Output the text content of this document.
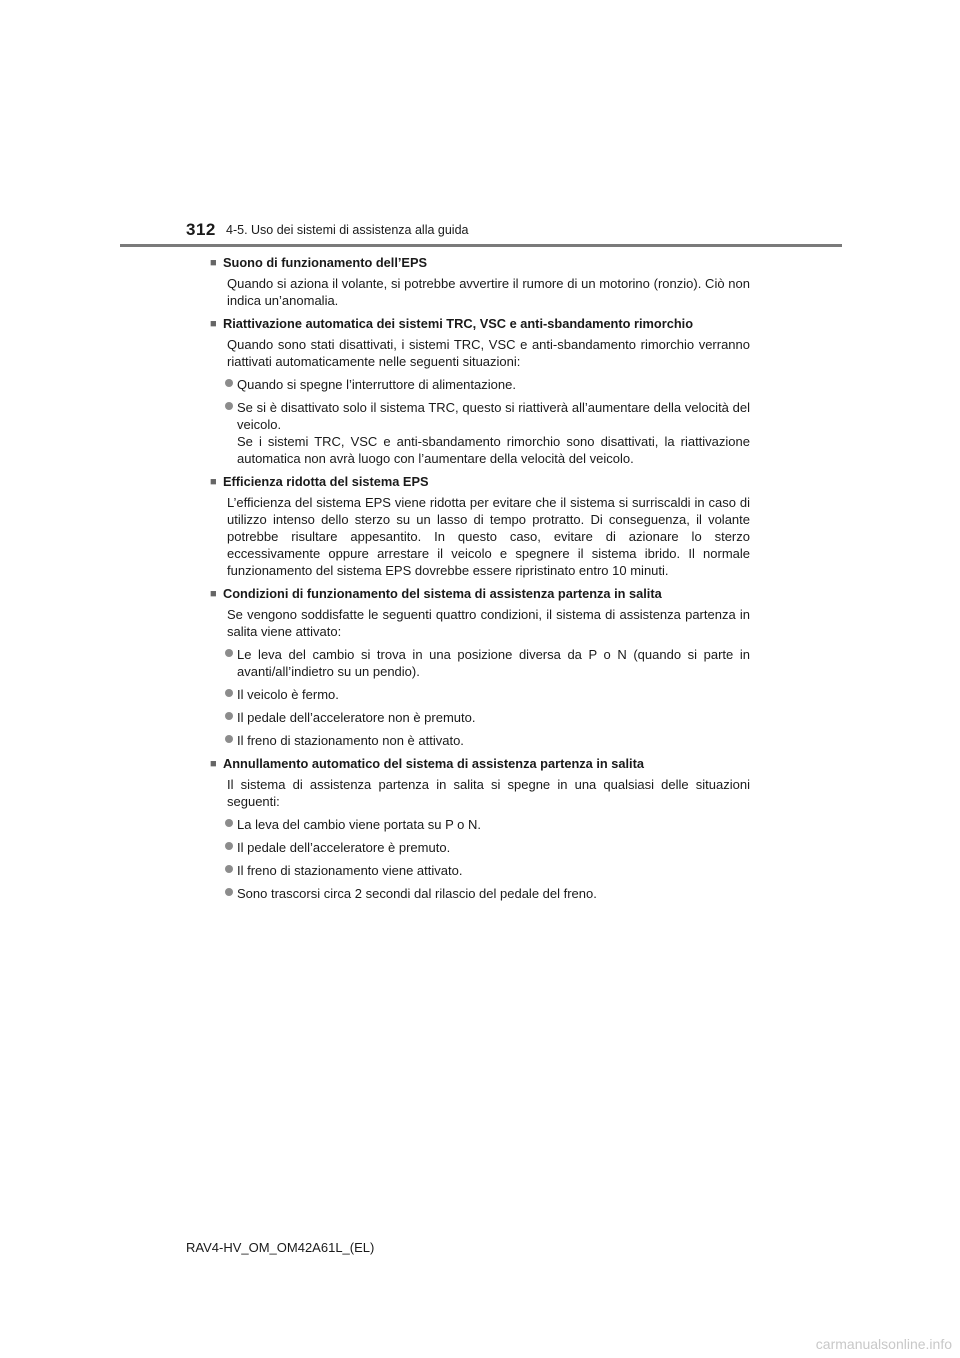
312 4-5. Uso dei sistemi di assistenza alla guida
■ Suono di funzionamento dell’EPS
Quando si aziona il volante, si potrebbe avvertire il rumore di un motorino (ronzio). Ciò non indica un’anomalia.
■ Riattivazione automatica dei sistemi TRC, VSC e anti-sbandamento rimorchio
Quando sono stati disattivati, i sistemi TRC, VSC e anti-sbandamento rimorchio verranno riattivati automaticamente nelle seguenti situazioni:

Quando si spegne l’interruttore di alimentazione.

Se si è disattivato solo il sistema TRC, questo si riattiverà all’aumentare della velocità del veicolo.

Se i sistemi TRC, VSC e anti-sbandamento rimorchio sono disattivati, la riattivazione automatica non avrà luogo con l’aumentare della velocità del veicolo.

■ Efficienza ridotta del sistema EPS
L’efficienza del sistema EPS viene ridotta per evitare che il sistema si surriscaldi in caso di utilizzo intenso dello sterzo su un lasso di tempo protratto. Di conseguenza, il volante potrebbe risultare appesantito. In questo caso, evitare di azionare lo sterzo eccessivamente oppure arrestare il veicolo e spegnere il sistema ibrido. Il normale funzionamento del sistema EPS dovrebbe essere ripristinato entro 10 minuti.
■ Condizioni di funzionamento del sistema di assistenza partenza in salita
Se vengono soddisfatte le seguenti quattro condizioni, il sistema di assistenza partenza in salita viene attivato:

Le leva del cambio si trova in una posizione diversa da P o N (quando si parte in avanti/all’indietro su un pendio).

Il veicolo è fermo.

Il pedale dell’acceleratore non è premuto.

Il freno di stazionamento non è attivato.

■ Annullamento automatico del sistema di assistenza partenza in salita
Il sistema di assistenza partenza in salita si spegne in una qualsiasi delle situazioni seguenti:

La leva del cambio viene portata su P o N.

Il pedale dell’acceleratore è premuto.

Il freno di stazionamento viene attivato.

Sono trascorsi circa 2 secondi dal rilascio del pedale del freno.

RAV4-HV_OM_OM42A61L_(EL)
carmanualsonline.info
